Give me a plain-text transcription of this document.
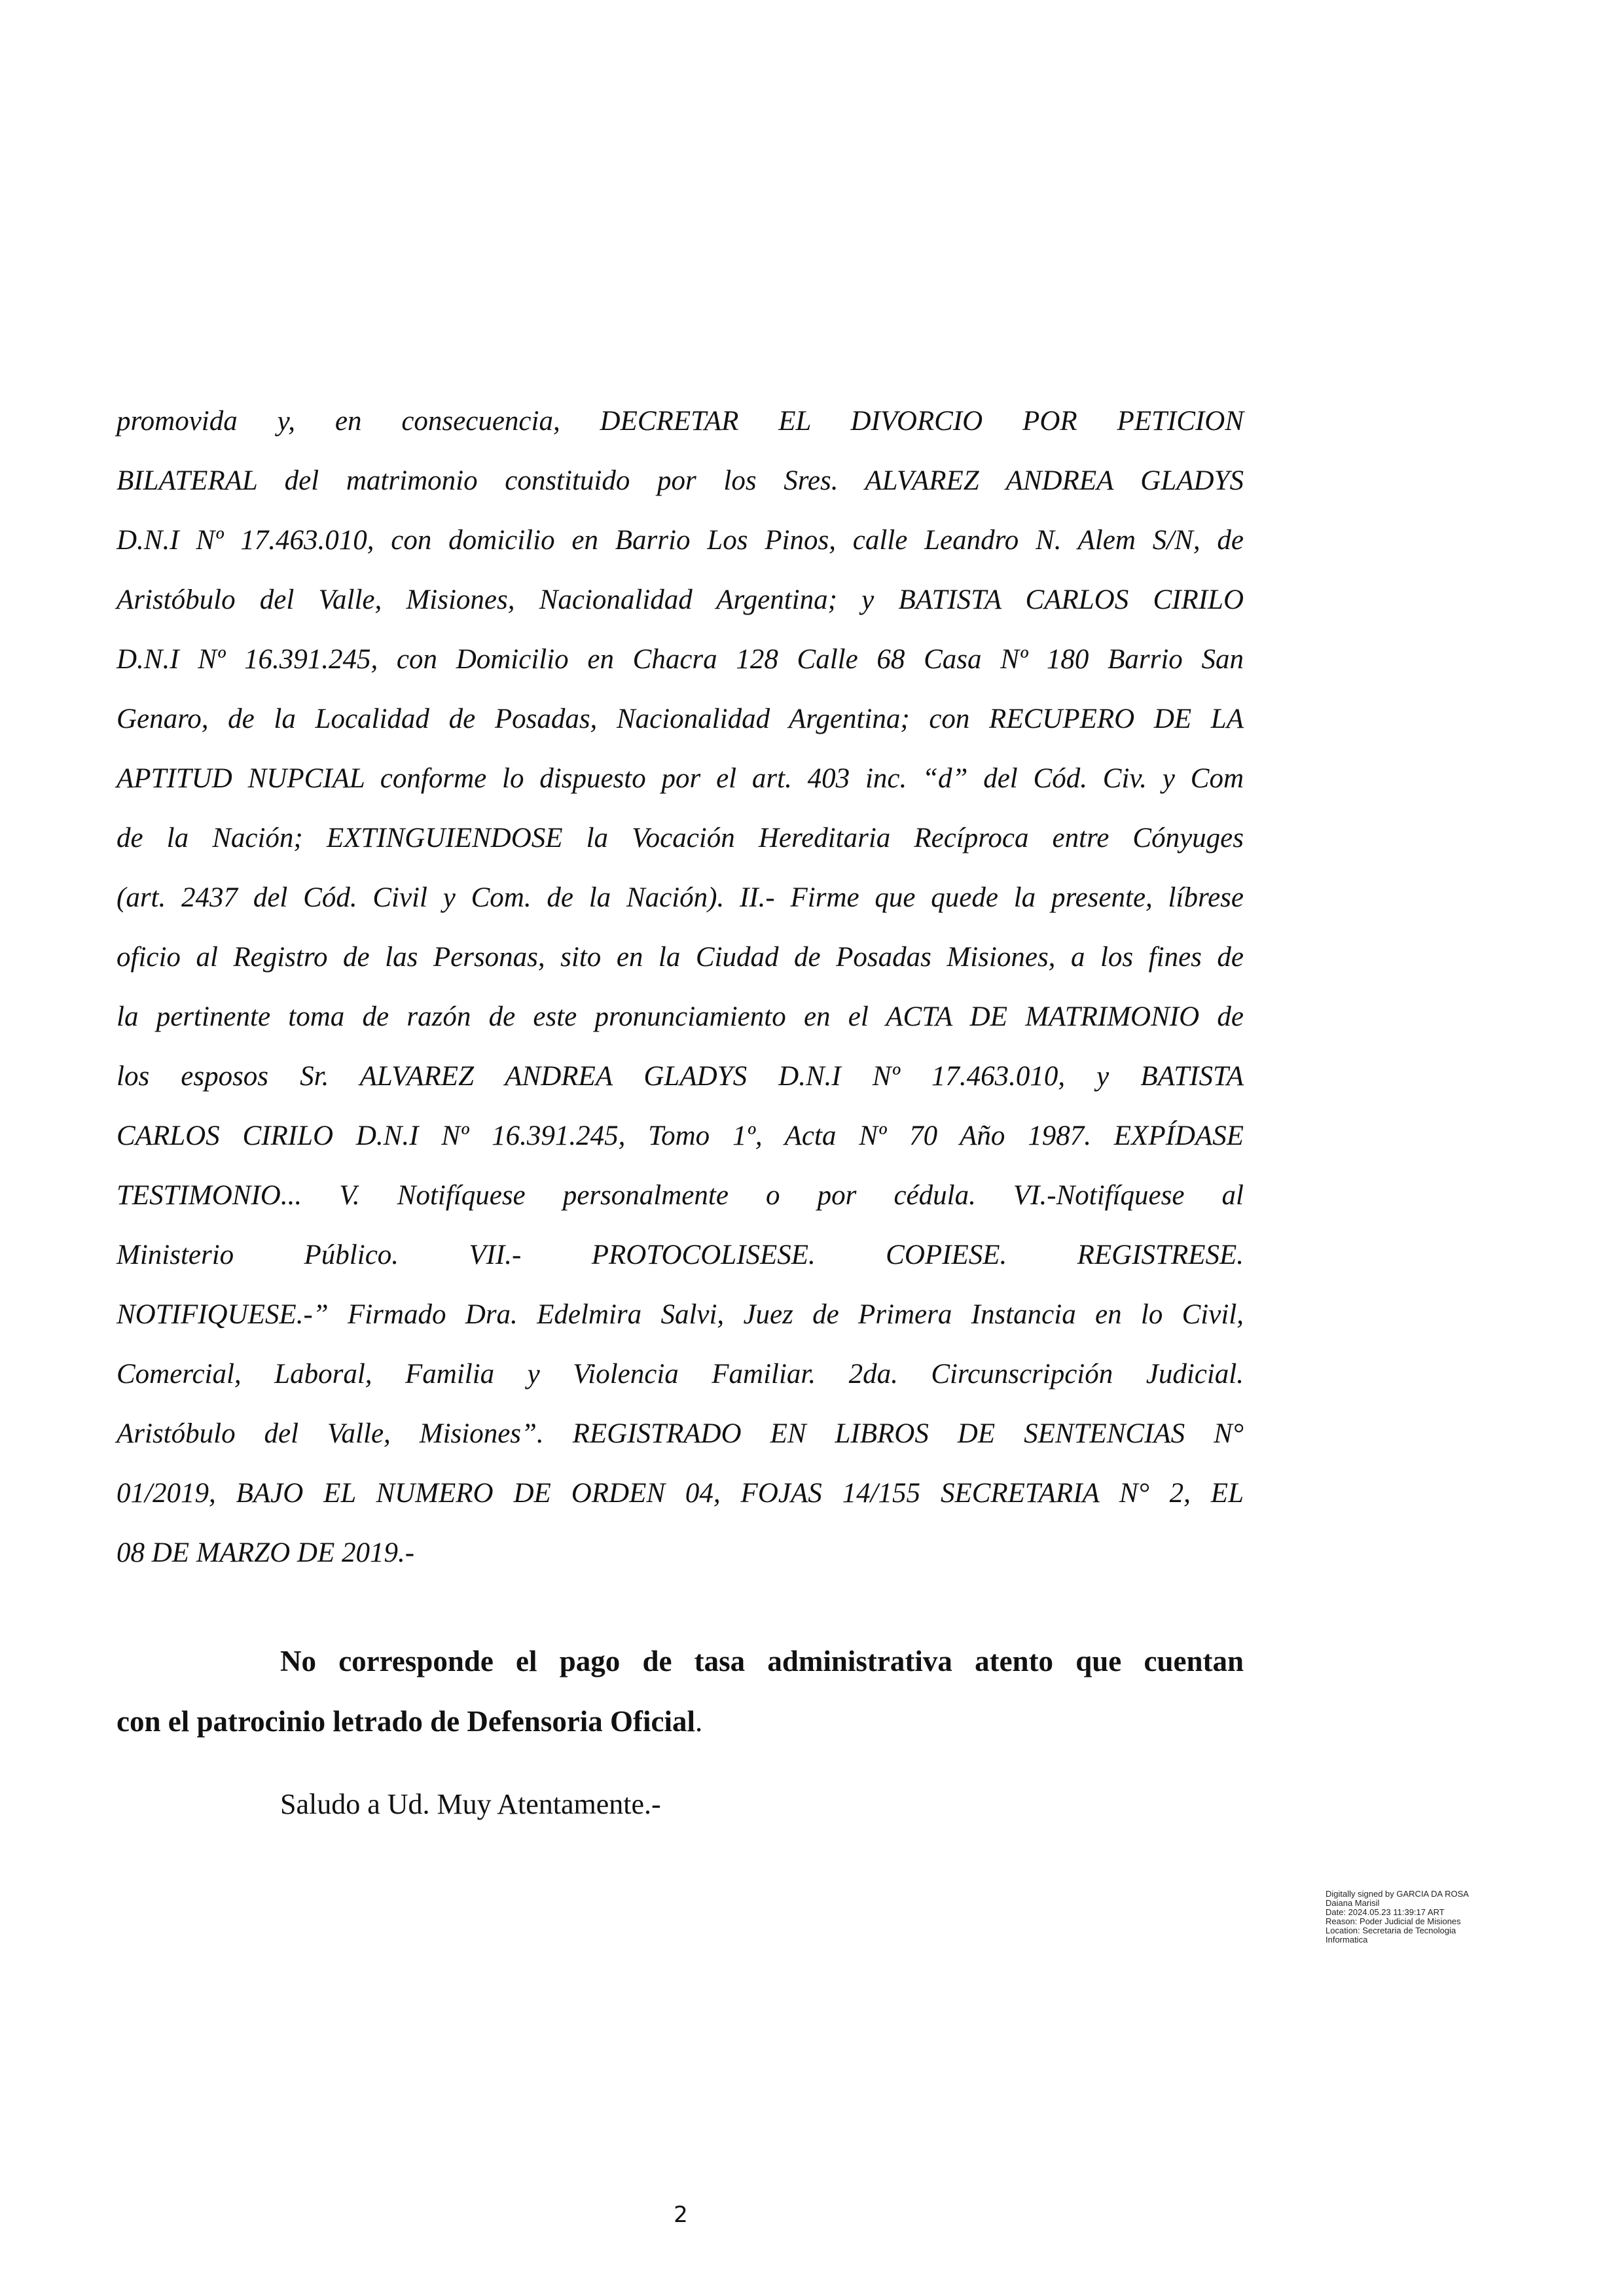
promovida y, en consecuencia, DECRETAR EL DIVORCIO POR PETICION
BILATERAL del matrimonio constituido por los Sres. ALVAREZ ANDREA GLADYS
D.N.I Nº 17.463.010, con domicilio en Barrio Los Pinos, calle Leandro N. Alem S/N, de
Aristóbulo del Valle, Misiones, Nacionalidad Argentina; y BATISTA CARLOS CIRILO
D.N.I Nº 16.391.245, con Domicilio en Chacra 128 Calle 68 Casa Nº 180 Barrio San
Genaro, de la Localidad de Posadas, Nacionalidad Argentina; con RECUPERO DE LA
APTITUD NUPCIAL conforme lo dispuesto por el art. 403 inc. “d” del Cód. Civ. y Com
de la Nación; EXTINGUIENDOSE la Vocación Hereditaria Recíproca entre Cónyuges
(art. 2437 del Cód. Civil y Com. de la Nación). II.- Firme que quede la presente, líbrese
oficio al Registro de las Personas, sito en la Ciudad de Posadas Misiones, a los fines de
la pertinente toma de razón de este pronunciamiento en el ACTA DE MATRIMONIO de
los esposos Sr. ALVAREZ ANDREA GLADYS D.N.I Nº 17.463.010, y BATISTA
CARLOS CIRILO D.N.I Nº 16.391.245, Tomo 1º, Acta Nº 70 Año 1987. EXPÍDASE
TESTIMONIO... V. Notifíquese personalmente o por cédula. VI.-Notifíquese al
Ministerio Público. VII.- PROTOCOLISESE. COPIESE. REGISTRESE.
NOTIFIQUESE.-” Firmado Dra. Edelmira Salvi, Juez de Primera Instancia en lo Civil,
Comercial, Laboral, Familia y Violencia Familiar. 2da. Circunscripción Judicial.
Aristóbulo del Valle, Misiones”. REGISTRADO EN LIBROS DE SENTENCIAS N°
01/2019, BAJO EL NUMERO DE ORDEN 04, FOJAS 14/155 SECRETARIA N° 2, EL
08 DE MARZO DE 2019.-
No corresponde el pago de tasa administrativa atento que cuentan
con el patrocinio letrado de Defensoria Oficial.

Saludo a Ud. Muy Atentamente.-

Digitally signed by GARCIA DA ROSA
Daiana Marisil
Date: 2024.05.23 11:39:17 ART
Reason: Poder Judicial de Misiones
Location: Secretaria de Tecnologia
Informatica
2
